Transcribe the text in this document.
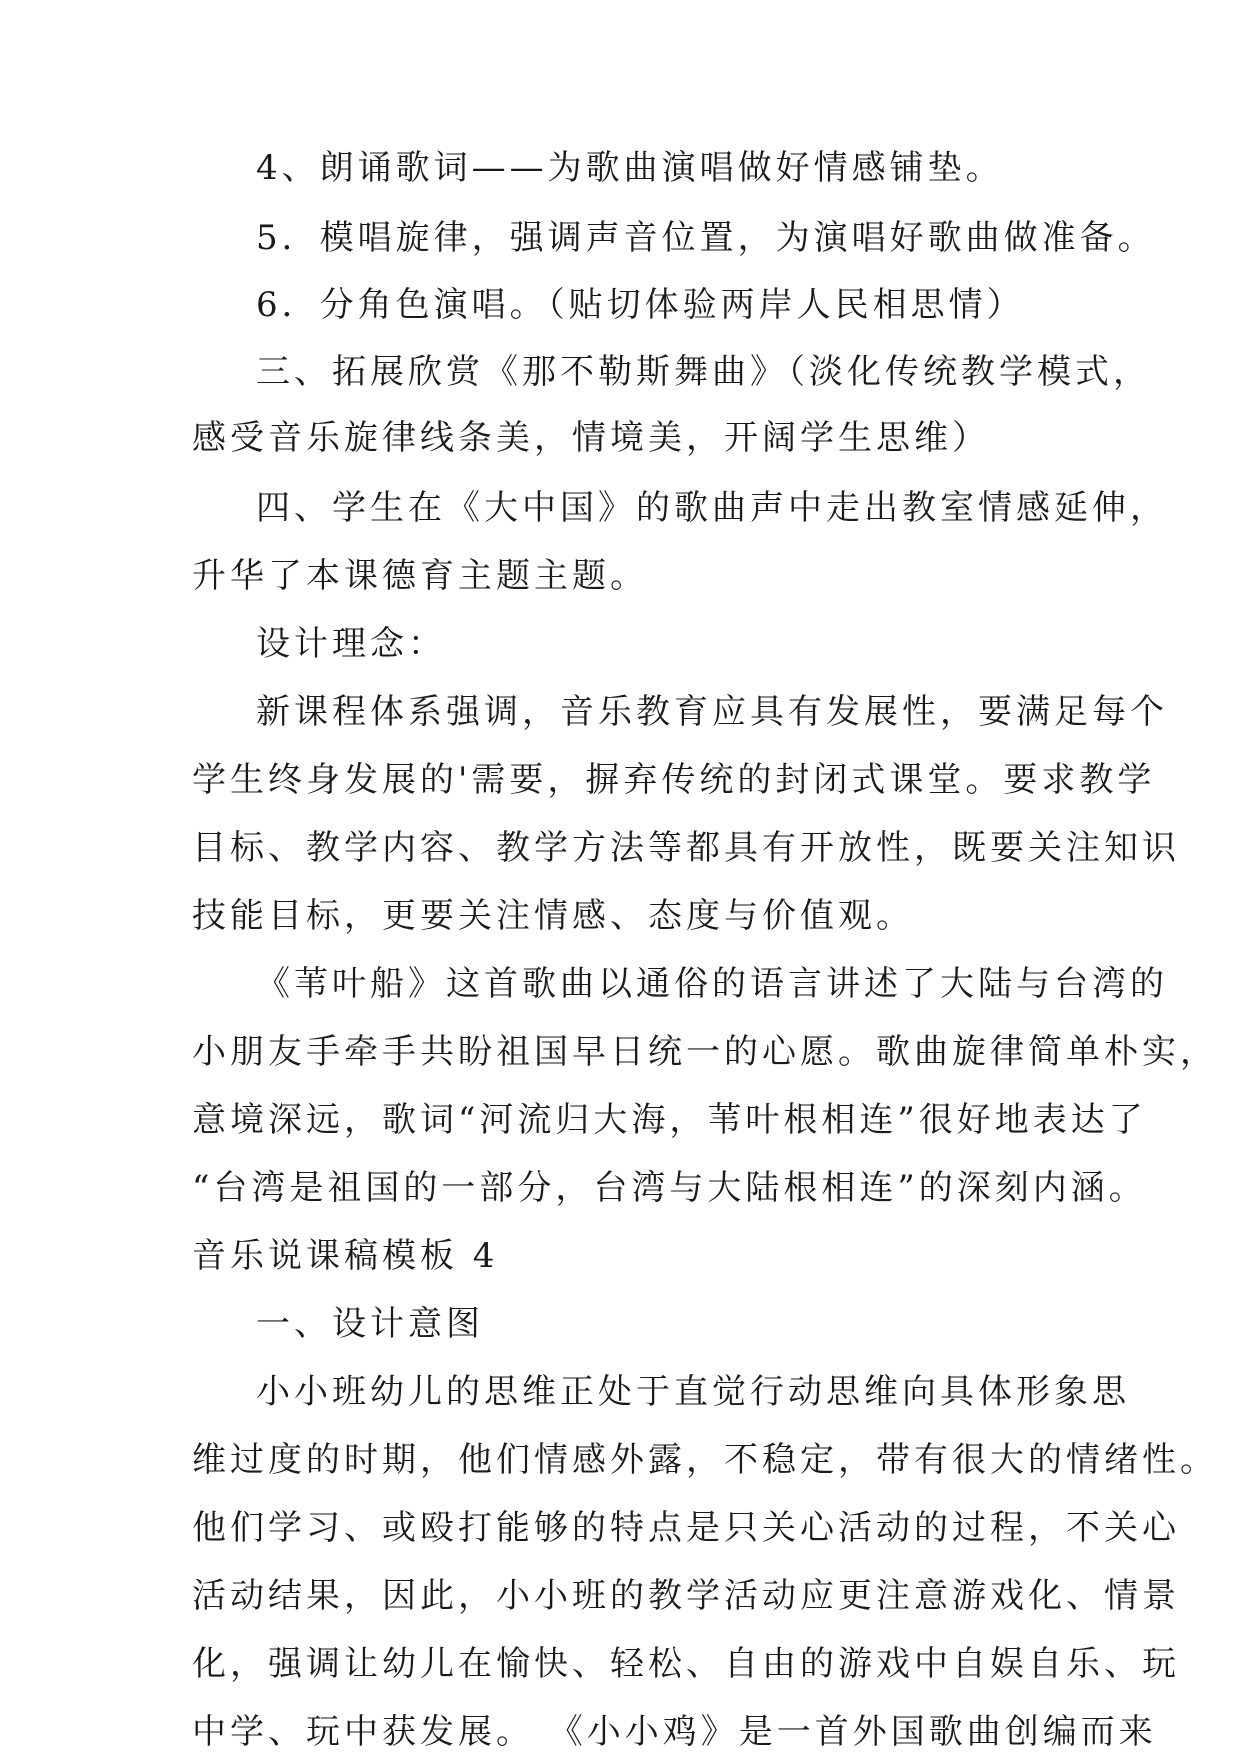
4、朗诵歌词——为歌曲演唱做好情感铺垫。
5．模唱旋律，强调声音位置，为演唱好歌曲做准备。
6．分角色演唱。（贴切体验两岸人民相思情）
三、拓展欣赏《那不勒斯舞曲》（淡化传统教学模式，
感受音乐旋律线条美，情境美，开阔学生思维）
四、学生在《大中国》的歌曲声中走出教室情感延伸，
升华了本课德育主题主题。
设计理念：
新课程体系强调，音乐教育应具有发展性，要满足每个
学生终身发展的'需要，摒弃传统的封闭式课堂。要求教学
目标、教学内容、教学方法等都具有开放性，既要关注知识
技能目标，更要关注情感、态度与价值观。
《苇叶船》这首歌曲以通俗的语言讲述了大陆与台湾的
小朋友手牵手共盼祖国早日统一的心愿。歌曲旋律简单朴实，
意境深远，歌词“河流归大海，苇叶根相连”很好地表达了
“台湾是祖国的一部分，台湾与大陆根相连”的深刻内涵。
音乐说课稿模板 4
一、设计意图
小小班幼儿的思维正处于直觉行动思维向具体形象思
维过度的时期，他们情感外露，不稳定，带有很大的情绪性。
他们学习、或殴打能够的特点是只关心活动的过程，不关心
活动结果，因此，小小班的教学活动应更注意游戏化、情景
化，强调让幼儿在愉快、轻松、自由的游戏中自娱自乐、玩
中学、玩中获发展。 《小小鸡》是一首外国歌曲创编而来
